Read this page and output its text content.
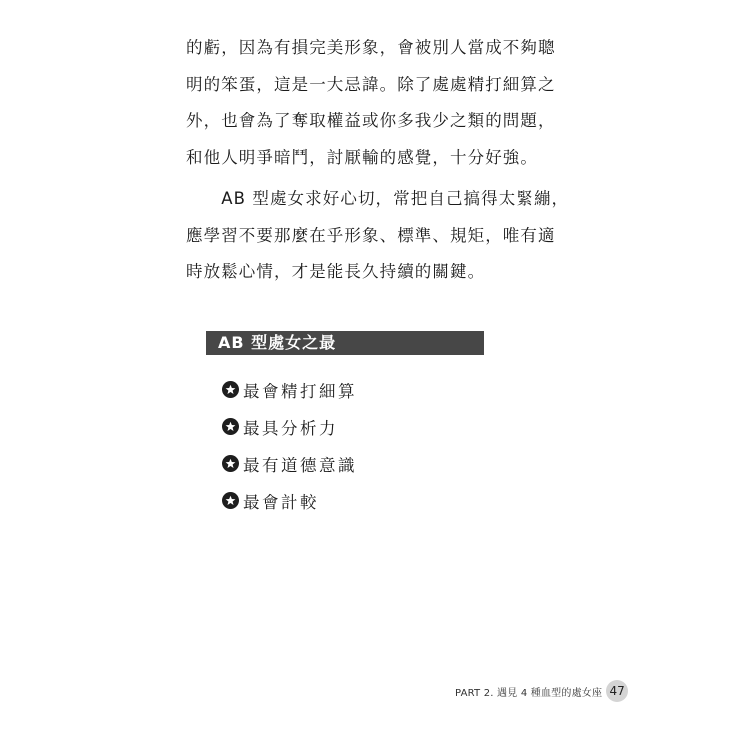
的虧，因為有損完美形象，會被別人當成不夠聰
明的笨蛋，這是一大忌諱。除了處處精打細算之
外，也會為了奪取權益或你多我少之類的問題，
和他人明爭暗鬥，討厭輸的感覺，十分好強。

　　AB 型處女求好心切，常把自己搞得太緊繃，
應學習不要那麼在乎形象、標準、規矩，唯有適
時放鬆心情，才是能長久持續的關鍵。

AB 型處女之最
最會精打細算
最具分析力
最有道德意識
最會計較
PART 2. 遇見 4 種血型的處女座 47
